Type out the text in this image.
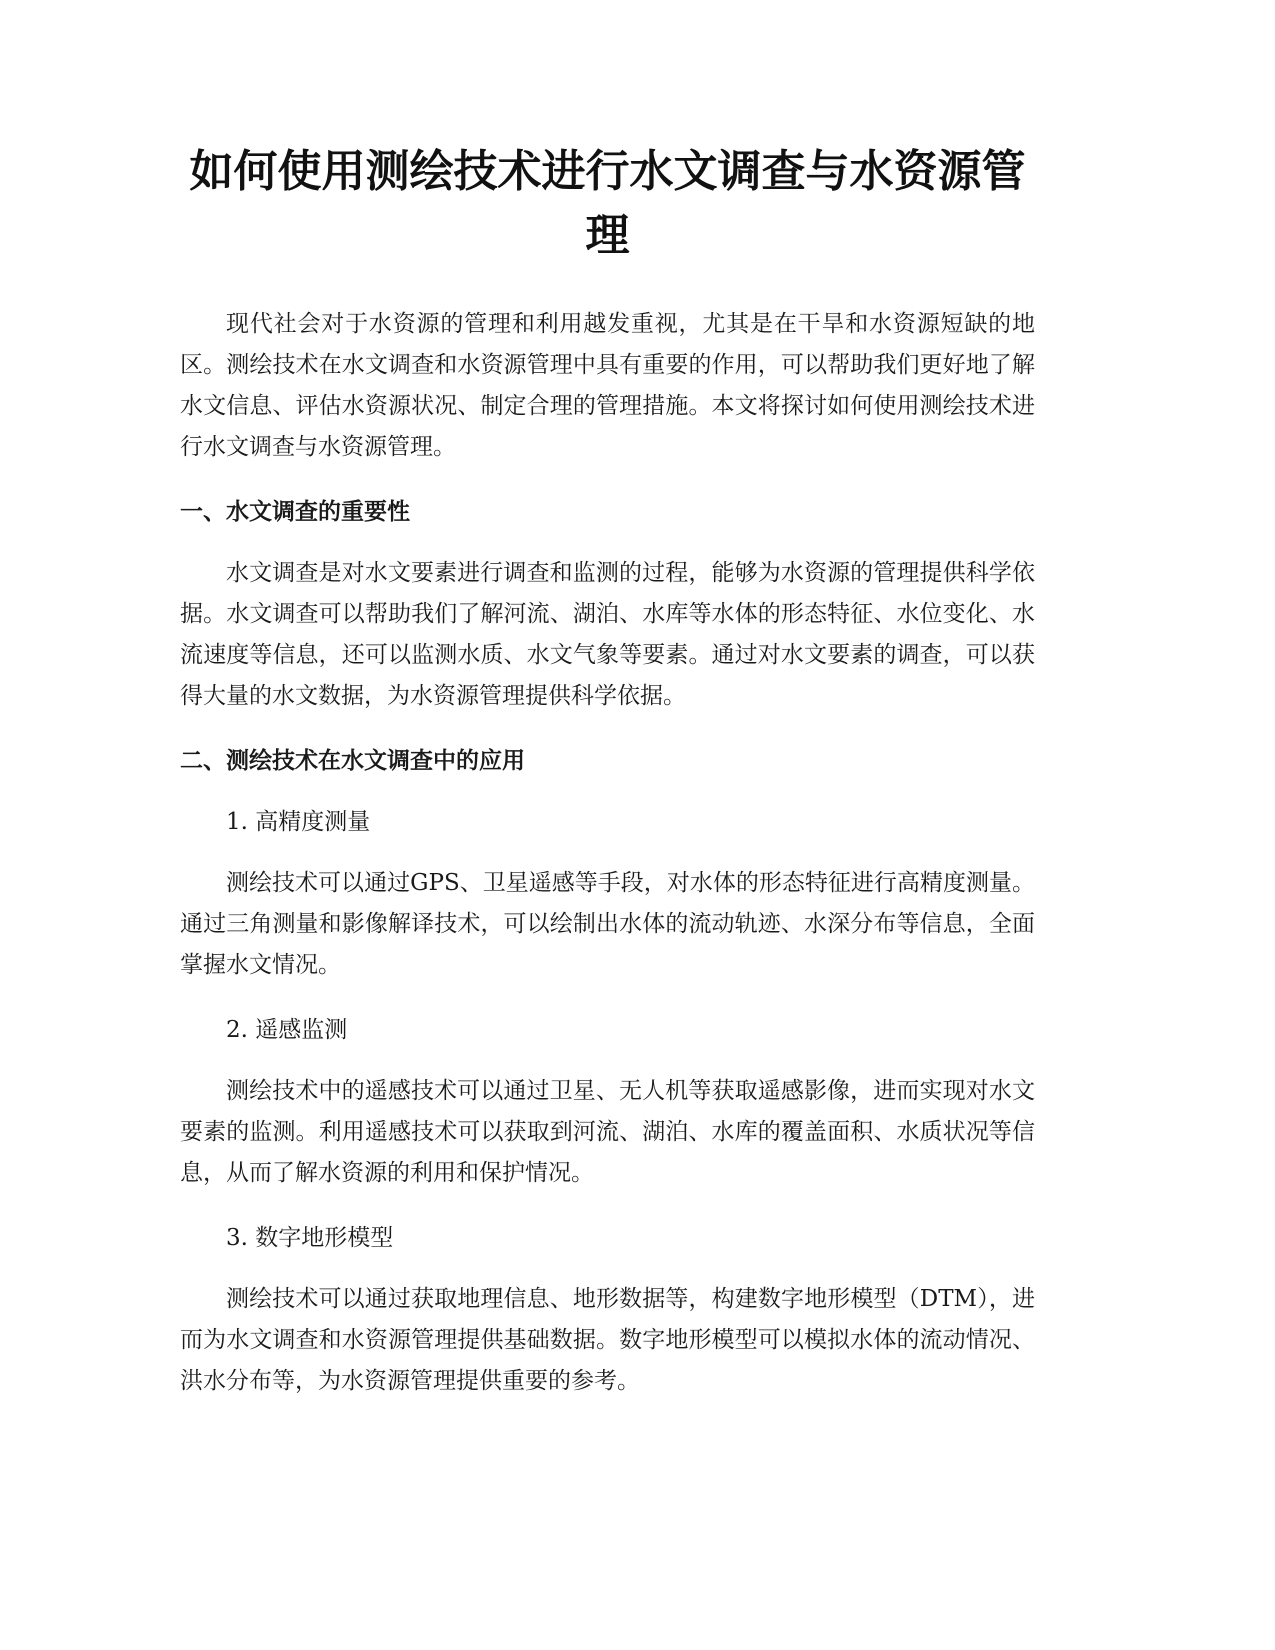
如何使用测绘技术进行水文调查与水资源管理

现代社会对于水资源的管理和利用越发重视，尤其是在干旱和水资源短缺的地区。测绘技术在水文调查和水资源管理中具有重要的作用，可以帮助我们更好地了解水文信息、评估水资源状况、制定合理的管理措施。本文将探讨如何使用测绘技术进行水文调查与水资源管理。

一、水文调查的重要性

水文调查是对水文要素进行调查和监测的过程，能够为水资源的管理提供科学依据。水文调查可以帮助我们了解河流、湖泊、水库等水体的形态特征、水位变化、水流速度等信息，还可以监测水质、水文气象等要素。通过对水文要素的调查，可以获得大量的水文数据，为水资源管理提供科学依据。

二、测绘技术在水文调查中的应用

1. 高精度测量

测绘技术可以通过GPS、卫星遥感等手段，对水体的形态特征进行高精度测量。通过三角测量和影像解译技术，可以绘制出水体的流动轨迹、水深分布等信息，全面掌握水文情况。

2. 遥感监测

测绘技术中的遥感技术可以通过卫星、无人机等获取遥感影像，进而实现对水文要素的监测。利用遥感技术可以获取到河流、湖泊、水库的覆盖面积、水质状况等信息，从而了解水资源的利用和保护情况。

3. 数字地形模型

测绘技术可以通过获取地理信息、地形数据等，构建数字地形模型（DTM），进而为水文调查和水资源管理提供基础数据。数字地形模型可以模拟水体的流动情况、洪水分布等，为水资源管理提供重要的参考。
